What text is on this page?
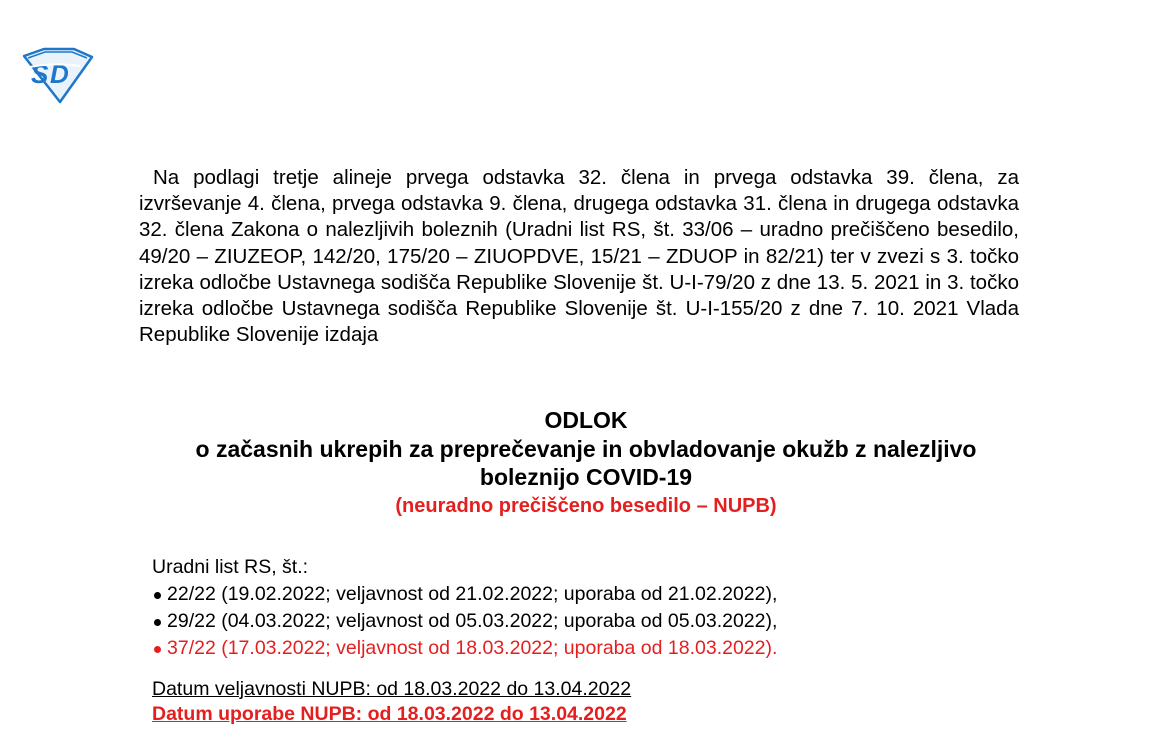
S D

Na podlagi tretje alineje prvega odstavka 32. člena in prvega odstavka 39. člena, za izvrševanje 4. člena, prvega odstavka 9. člena, drugega odstavka 31. člena in drugega odstavka 32. člena Zakona o nalezljivih boleznih (Uradni list RS, št. 33/06 – uradno prečiščeno besedilo, 49/20 – ZIUZEOP, 142/20, 175/20 – ZIUOPDVE, 15/21 – ZDUOP in 82/21) ter v zvezi s 3. točko izreka odločbe Ustavnega sodišča Republike Slovenije št. U-I-79/20 z dne 13. 5. 2021 in 3. točko izreka odločbe Ustavnega sodišča Republike Slovenije št. U-I-155/20 z dne 7. 10. 2021 Vlada Republike Slovenije izdaja

ODLOK
o začasnih ukrepih za preprečevanje in obvladovanje okužb z nalezljivo boleznijo COVID-19
(neuradno prečiščeno besedilo – NUPB)
Uradni list RS, št.:
22/22 (19.02.2022; veljavnost od 21.02.2022; uporaba od 21.02.2022),
29/22 (04.03.2022; veljavnost od 05.03.2022; uporaba od 05.03.2022),
37/22 (17.03.2022; veljavnost od 18.03.2022; uporaba od 18.03.2022).
Datum veljavnosti NUPB: od 18.03.2022 do 13.04.2022
Datum uporabe NUPB: od 18.03.2022 do 13.04.2022
